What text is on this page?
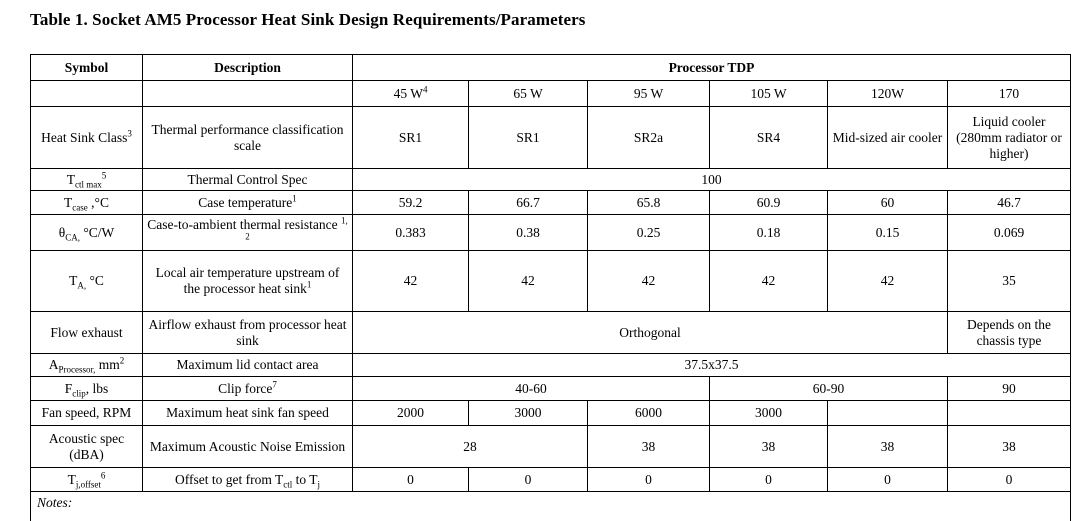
Table 1. Socket AM5 Processor Heat Sink Design Requirements/Parameters
Symbol	Description	Processor TDP					
		45 $W^4$	65 W	95 W	105 W	120W	170
Heat Sink Class$^3$	Thermal performance classification scale	SR1	SR1	SR2a	SR4	Mid-sized air cooler	Liquid cooler (280mm radiator or higher)
$T_{ctl max}^5$	Thermal Control Spec	100					
$T_{case}$ ,°C	Case temperature$^1$	59.2	66.7	65.8	60.9	60	46.7
$\theta_{CA,}$ °C/W	Case-to-ambient thermal resistance $^{1, 2}$	0.383	0.38	0.25	0.18	0.15	0.069
$T_{A,}$ °C	Local air temperature upstream of the processor heat sink$^1$	42	42	42	42	42	35
Flow exhaust	Airflow exhaust from processor heat sink	Orthogonal					Depends on the chassis type
$A_{Processor,}$ $mm^2$	Maximum lid contact area	37.5x37.5					
$F_{clip}$, lbs	Clip force$^7$	40-60			60-90		90
Fan speed, RPM	Maximum heat sink fan speed	2000	3000	6000	3000		
Acoustic spec (dBA)	Maximum Acoustic Noise Emission	28		38	38	38	38
$T_{j,offset}^6$	Offset to get from $T_{ctl}$ to $T_j$	0	0	0	0	0	0
Notes:							
